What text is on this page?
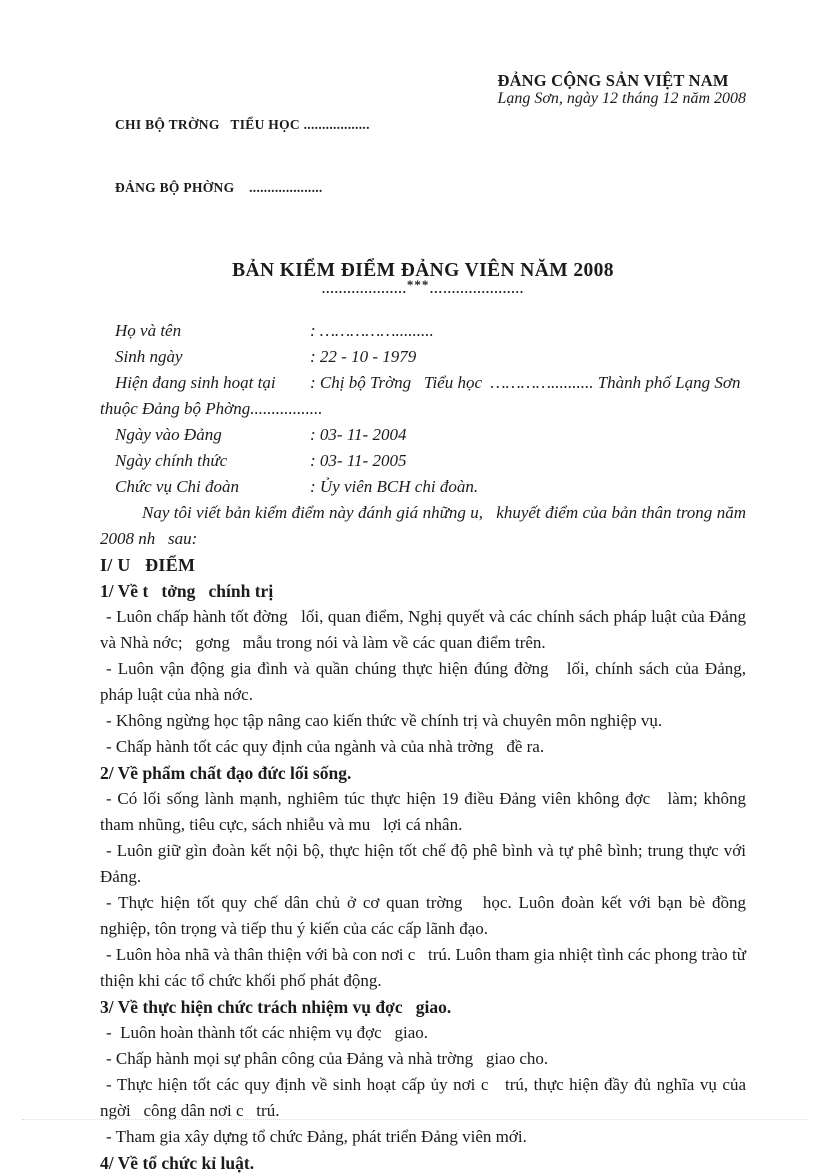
CHI BỘ TRỜNG   TIỂU HỌC ..................

ĐẢNG BỘ PHỜNG    ....................

ĐẢNG CỘNG SẢN VIỆT NAM
Lạng Sơn, ngày 12 tháng 12 năm 2008
BẢN KIỂM ĐIỂM ĐẢNG VIÊN NĂM 2008
....................***…...................
Họ và tên	: …………….........
Sinh ngày	: 22 - 10 - 1979
Hiện đang sinh hoạt tại : Chị bộ Trờng   Tiểu học  ………….......... Thành phố Lạng Sơn thuộc Đảng bộ Phờng.................
Ngày vào Đảng	: 03- 11- 2004
Ngày chính thức	: 03- 11- 2005
Chức vụ Chi đoàn	: Ủy viên BCH chi đoàn.

Nay tôi viết bản kiểm điểm này đánh giá những u,   khuyết điểm của bản thân trong năm 2008 nh   sau:

I/ U   ĐIỂM
1/ Về t   tởng   chính trị

- Luôn chấp hành tốt đờng   lối, quan điểm, Nghị quyết và các chính sách pháp luật của Đảng và Nhà nớc;   gơng   mẫu trong nói và làm về các quan điểm trên.

- Luôn vận động gia đình và quần chúng thực hiện đúng đờng   lối, chính sách của Đảng, pháp luật của nhà nớc.

- Không ngừng học tập nâng cao kiến thức về chính trị và chuyên môn nghiệp vụ.

- Chấp hành tốt các quy định của ngành và của nhà trờng   đề ra.

2/ Về phẩm chất đạo đức lối sống.

- Có lối sống lành mạnh, nghiêm túc thực hiện 19 điều Đảng viên không đợc   làm; không tham nhũng, tiêu cực, sách nhiễu và mu   lợi cá nhân.

- Luôn giữ gìn đoàn kết nội bộ, thực hiện tốt chế độ phê bình và tự phê bình; trung thực với Đảng.

- Thực hiện tốt quy chế dân chủ ở cơ quan trờng   học. Luôn đoàn kết với bạn bè đồng nghiệp, tôn trọng và tiếp thu ý kiến của các cấp lãnh đạo.

- Luôn hòa nhã và thân thiện với bà con nơi c   trú. Luôn tham gia nhiệt tình các phong trào từ thiện khi các tổ chức khối phố phát động.

3/ Về thực hiện chức trách nhiệm vụ đợc   giao.

-  Luôn hoàn thành tốt các nhiệm vụ đợc   giao.

- Chấp hành mọi sự phân công của Đảng và nhà trờng   giao cho.

- Thực hiện tốt các quy định về sinh hoạt cấp ủy nơi c   trú, thực hiện đầy đủ nghĩa vụ của ngời   công dân nơi c   trú.

- Tham gia xây dựng tổ chức Đảng, phát triển Đảng viên mới.

4/ Về tổ chức kỉ luật.
